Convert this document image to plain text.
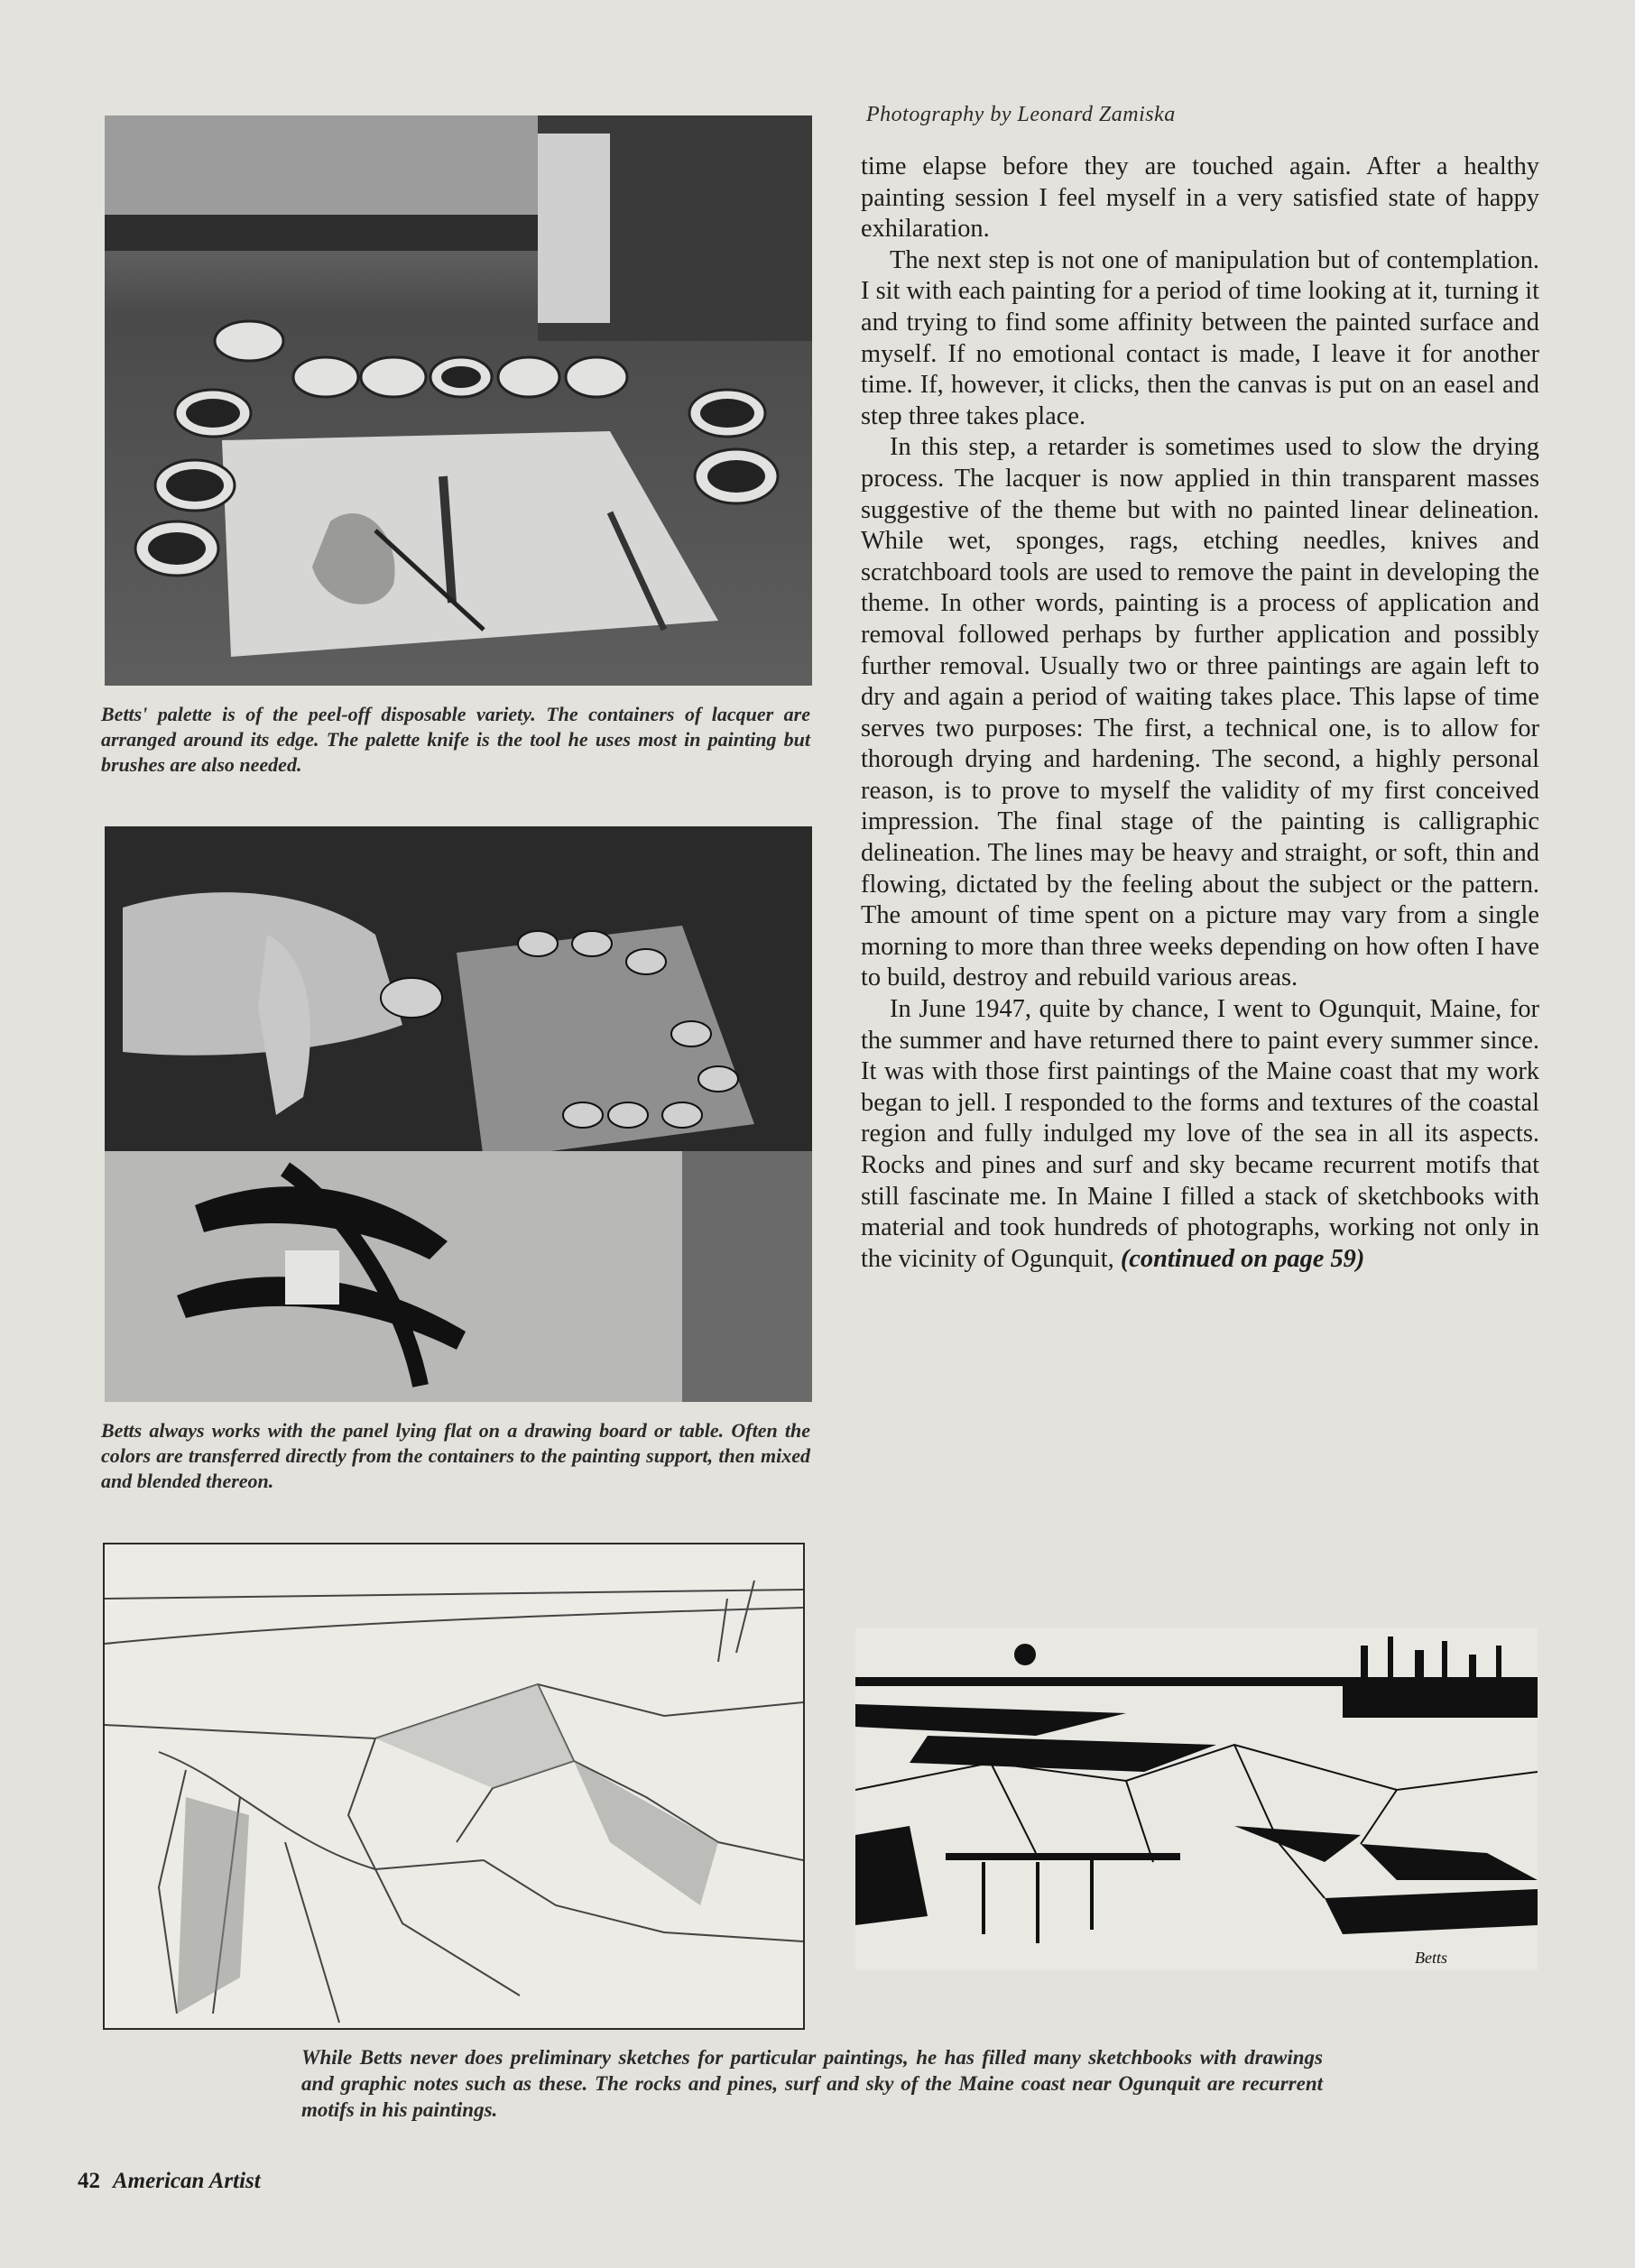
Photography by Leonard Zamiska
Betts' palette is of the peel-off disposable variety. The containers of lacquer are arranged around its edge. The palette knife is the tool he uses most in painting but brushes are also needed.
Betts always works with the panel lying flat on a drawing board or table. Often the colors are transferred directly from the containers to the painting support, then mixed and blended thereon.

time elapse before they are touched again. After a healthy painting session I feel myself in a very satisfied state of happy exhilaration.

The next step is not one of manipulation but of contemplation. I sit with each painting for a period of time looking at it, turning it and trying to find some affinity between the painted surface and myself. If no emotional contact is made, I leave it for another time. If, however, it clicks, then the canvas is put on an easel and step three takes place.

In this step, a retarder is sometimes used to slow the drying process. The lacquer is now applied in thin transparent masses suggestive of the theme but with no painted linear delineation. While wet, sponges, rags, etching needles, knives and scratchboard tools are used to remove the paint in developing the theme. In other words, painting is a process of application and removal followed perhaps by further application and possibly further removal. Usually two or three paintings are again left to dry and again a period of waiting takes place. This lapse of time serves two purposes: The first, a technical one, is to allow for thorough drying and hardening. The second, a highly personal reason, is to prove to myself the validity of my first conceived impression. The final stage of the painting is calligraphic delineation. The lines may be heavy and straight, or soft, thin and flowing, dictated by the feeling about the subject or the pattern. The amount of time spent on a picture may vary from a single morning to more than three weeks depending on how often I have to build, destroy and rebuild various areas.

In June 1947, quite by chance, I went to Ogunquit, Maine, for the summer and have returned there to paint every summer since. It was with those first paintings of the Maine coast that my work began to jell. I responded to the forms and textures of the coastal region and fully indulged my love of the sea in all its aspects. Rocks and pines and surf and sky became recurrent motifs that still fascinate me. In Maine I filled a stack of sketchbooks with material and took hundreds of photographs, working not only in the vicinity of Ogunquit, (continued on page 59)

Betts
While Betts never does preliminary sketches for particular paintings, he has filled many sketchbooks with drawings and graphic notes such as these. The rocks and pines, surf and sky of the Maine coast near Ogunquit are recurrent motifs in his paintings.
42 American Artist
